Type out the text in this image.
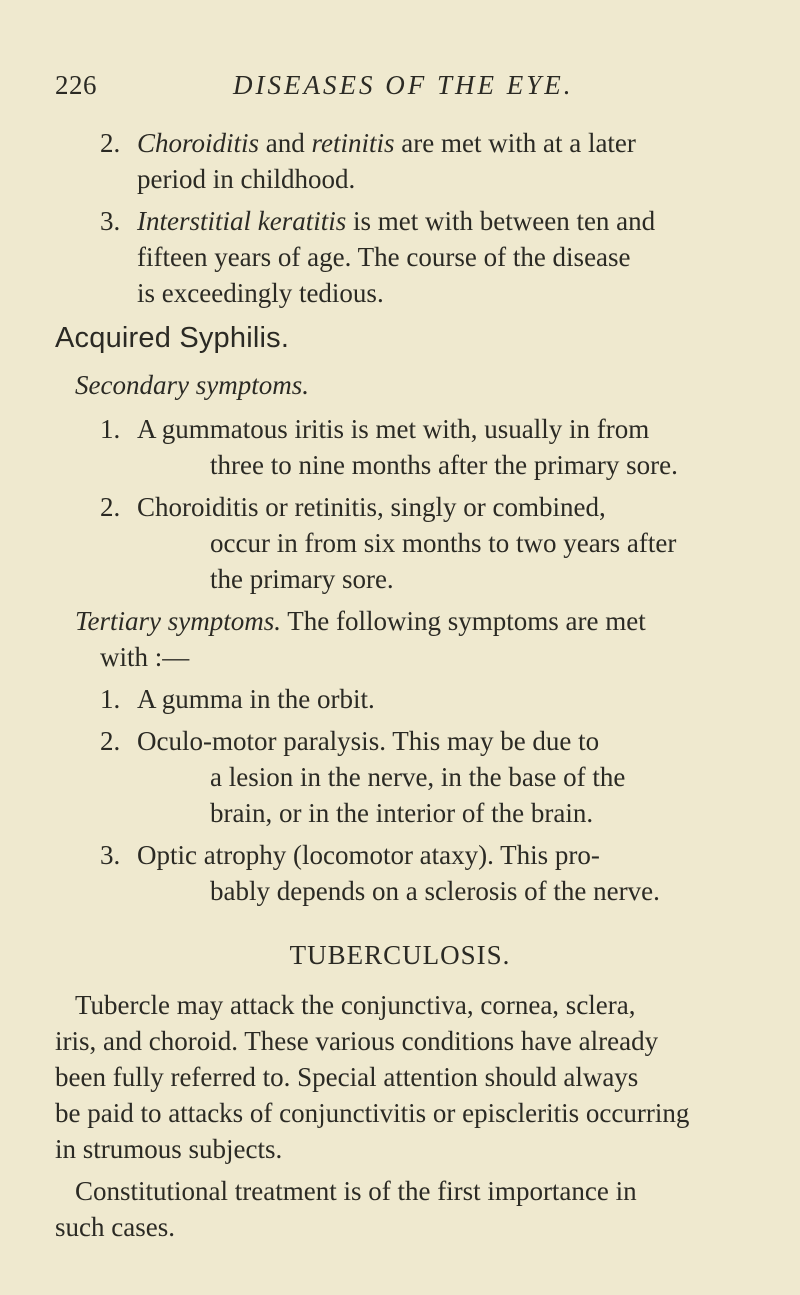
226	DISEASES OF THE EYE.
2. Choroiditis and retinitis are met with at a later
period in childhood.
3. Interstitial keratitis is met with between ten and
fifteen years of age. The course of the disease
is exceedingly tedious.
Acquired Syphilis.
Secondary symptoms.
1. A gummatous iritis is met with, usually in from
three to nine months after the primary sore.
2. Choroiditis or retinitis, singly or combined,
occur in from six months to two years after
the primary sore.
Tertiary symptoms. The following symptoms are met
with :—
1. A gumma in the orbit.
2. Oculo-motor paralysis. This may be due to
a lesion in the nerve, in the base of the
brain, or in the interior of the brain.
3. Optic atrophy (locomotor ataxy). This pro-
bably depends on a sclerosis of the nerve.
TUBERCULOSIS.
Tubercle may attack the conjunctiva, cornea, sclera,
iris, and choroid. These various conditions have already
been fully referred to. Special attention should always
be paid to attacks of conjunctivitis or episcleritis occurring
in strumous subjects.
Constitutional treatment is of the first importance in
such cases.
